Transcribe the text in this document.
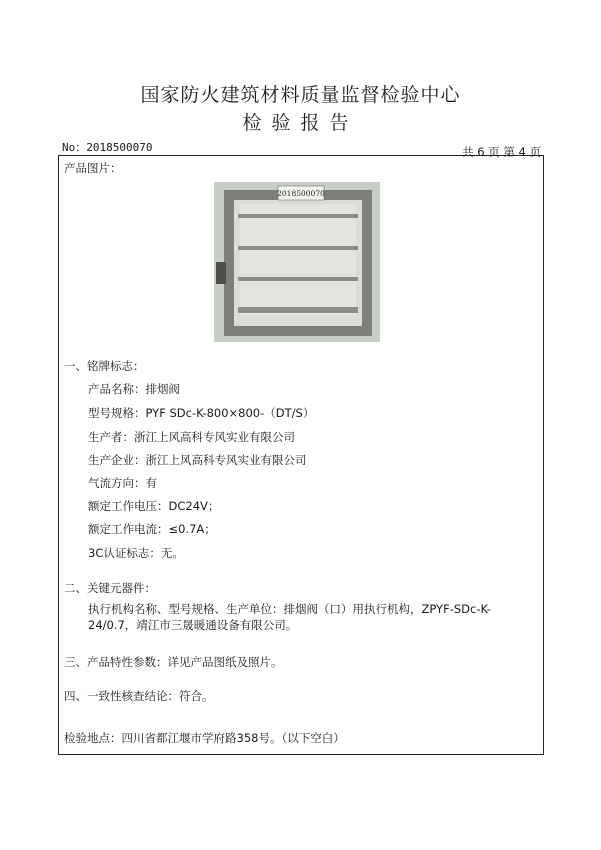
国家防火建筑材料质量监督检验中心
检验报告
No：2018500070	共 6 页 第 4 页
产品图片：
2018500070
一、铭牌标志：
产品名称：排烟阀
型号规格：PYF SDc-K-800×800-（DT/S）
生产者：浙江上风高科专风实业有限公司
生产企业：浙江上风高科专风实业有限公司
气流方向：有
额定工作电压：DC24V；
额定工作电流：≤0.7A；
3C认证标志：无。
二、关键元器件：
执行机构名称、型号规格、生产单位：排烟阀（口）用执行机构，ZPYF-SDc-K-24/0.7，靖江市三晟暖通设备有限公司。
三、产品特性参数：详见产品图纸及照片。
四、一致性核查结论：符合。
检验地点：四川省都江堰市学府路358号。（以下空白）
